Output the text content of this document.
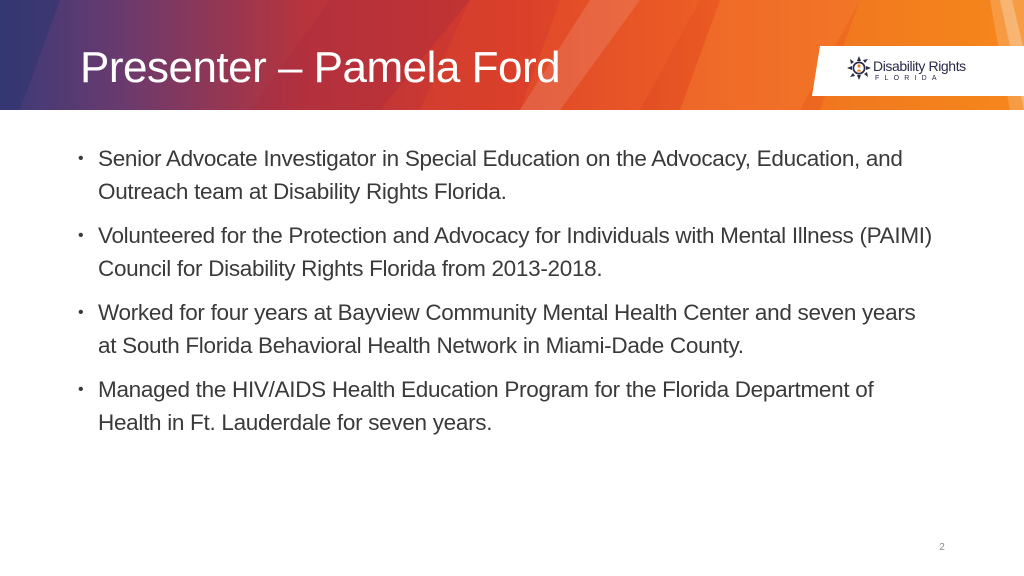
Presenter – Pamela Ford	Disability Rights
FLORIDA
• Senior Advocate Investigator in Special Education on the Advocacy, Education, and Outreach team at Disability Rights Florida.
• Volunteered for the Protection and Advocacy for Individuals with Mental Illness (PAIMI) Council for Disability Rights Florida from 2013-2018.
• Worked for four years at Bayview Community Mental Health Center and seven years at South Florida Behavioral Health Network in Miami-Dade County.
• Managed the HIV/AIDS Health Education Program for the Florida Department of Health in Ft. Lauderdale for seven years.
2
